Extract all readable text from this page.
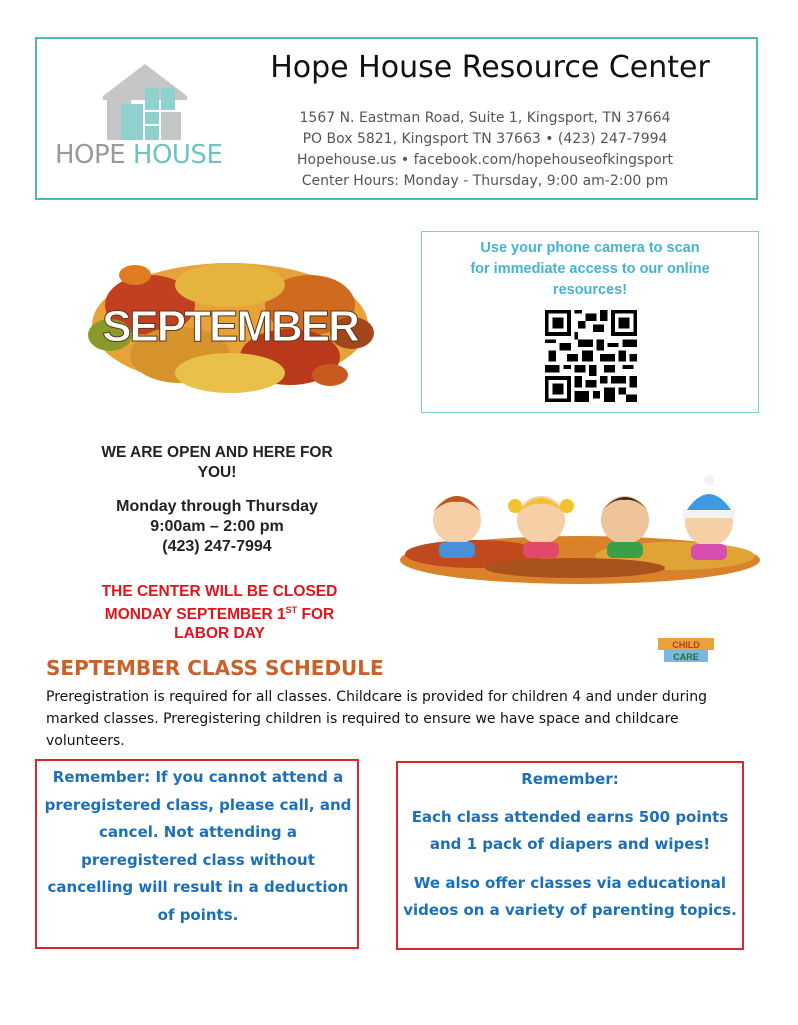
HOPE HOUSE
Hope House Resource Center
1567 N. Eastman Road, Suite 1, Kingsport, TN 37664
PO Box 5821, Kingsport TN 37663 • (423) 247-7994
Hopehouse.us • facebook.com/hopehouseofkingsport
Center Hours: Monday - Thursday, 9:00 am-2:00 pm
SEPTEMBER
Use your phone camera to scan
for immediate access to our online
resources!
WE ARE OPEN AND HERE FOR
YOU!
Monday through Thursday
9:00am – 2:00 pm
(423) 247-7994
THE CENTER WILL BE CLOSED
MONDAY SEPTEMBER 1ST FOR
LABOR DAY
CHILD
CARE
SEPTEMBER CLASS SCHEDULE
Preregistration is required for all classes. Childcare is provided for children 4 and under during marked classes. Preregistering children is required to ensure we have space and childcare volunteers.
Remember: If you cannot attend a preregistered class, please call, and cancel. Not attending a preregistered class without cancelling will result in a deduction of points.
Remember:
Each class attended earns 500 points and 1 pack of diapers and wipes!
We also offer classes via educational videos on a variety of parenting topics.
